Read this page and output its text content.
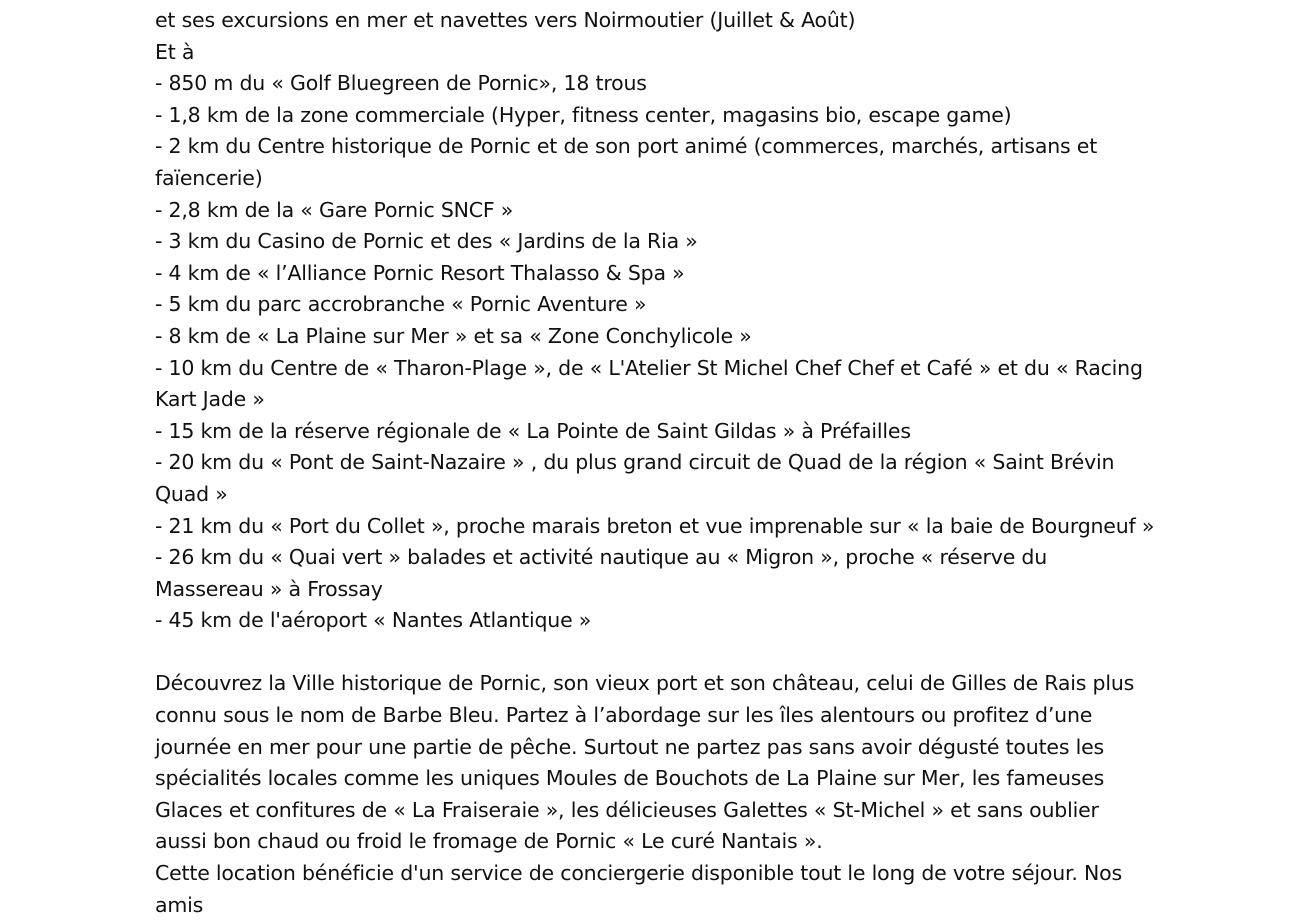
et ses excursions en mer et navettes vers Noirmoutier (Juillet & Août)
Et à
- 850 m du « Golf Bluegreen de Pornic», 18 trous
- 1,8 km de la zone commerciale (Hyper, fitness center, magasins bio, escape game)
- 2 km du Centre historique de Pornic et de son port animé (commerces, marchés, artisans et faïencerie)
- 2,8 km de la « Gare Pornic SNCF »
- 3 km du Casino de Pornic et des « Jardins de la Ria »
- 4 km de « l’Alliance Pornic Resort Thalasso & Spa »
- 5 km du parc accrobranche « Pornic Aventure »
- 8 km de « La Plaine sur Mer » et sa « Zone Conchylicole »
- 10 km du Centre de « Tharon-Plage », de « L'Atelier St Michel Chef Chef et Café » et du « Racing Kart Jade »
- 15 km de la réserve régionale de « La Pointe de Saint Gildas » à Préfailles
- 20 km du « Pont de Saint-Nazaire » , du plus grand circuit de Quad de la région « Saint Brévin Quad »
- 21 km du « Port du Collet », proche marais breton et vue imprenable sur « la baie de Bourgneuf »
- 26 km du « Quai vert » balades et activité nautique au « Migron », proche « réserve du Massereau » à Frossay
- 45 km de l'aéroport « Nantes Atlantique »
Découvrez la Ville historique de Pornic, son vieux port et son château, celui de Gilles de Rais plus connu sous le nom de Barbe Bleu. Partez à l’abordage sur les îles alentours ou profitez d’une journée en mer pour une partie de pêche. Surtout ne partez pas sans avoir dégusté toutes les spécialités locales comme les uniques Moules de Bouchots de La Plaine sur Mer, les fameuses Glaces et confitures de « La Fraiseraie », les délicieuses Galettes « St-Michel » et sans oublier aussi bon chaud ou froid le fromage de Pornic « Le curé Nantais ».
Cette location bénéficie d'un service de conciergerie disponible tout le long de votre séjour. Nos amis
